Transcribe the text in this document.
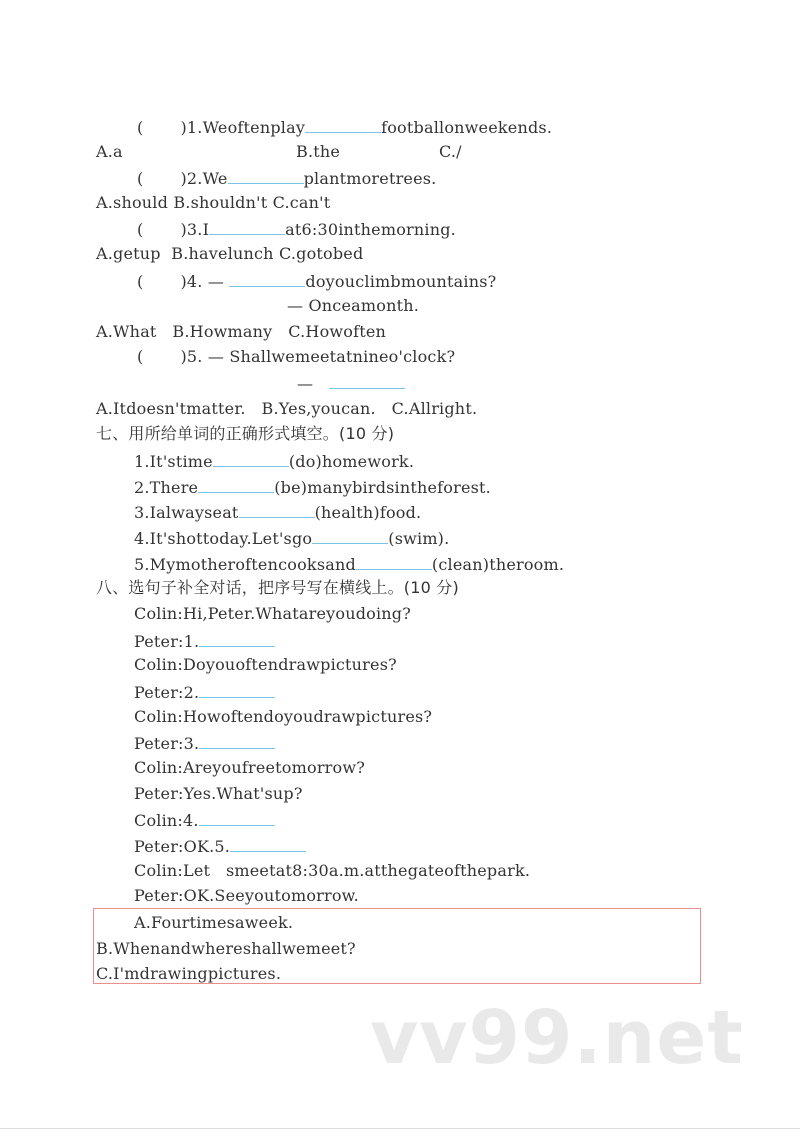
( )1.Weoftenplay	footballonweekends.
A.a	B.the	C./
( )2.We	plantmoretrees.
A.should B.shouldn't C.can't
( )3.I	at6:30inthemorning.
A.getup  B.havelunch C.gotobed
( )4. —	doyouclimbmountains?
— Onceamonth.
A.What   B.Howmany   C.Howoften
( )5. — Shallwemeetatnineo'clock?
—
A.Itdoesn'tmatter.   B.Yes,youcan.   C.Allright.
七、用所给单词的正确形式填空。(10 分)
1.It'stime	(do)homework.
2.There	(be)manybirdsintheforest.
3.Ialwayseat	(health)food.
4.It'shottoday.Let'sgo	(swim).
5.Mymotheroftencooksand	(clean)theroom.
八、选句子补全对话，把序号写在横线上。(10 分)
Colin:Hi,Peter.Whatareyoudoing?
Peter:1.
Colin:Doyouoftendrawpictures?
Peter:2.
Colin:Howoftendoyoudrawpictures?
Peter:3.
Colin:Areyoufreetomorrow?
Peter:Yes.What'sup?
Colin:4.
Peter:OK.5.
Colin:Let   smeetat8:30a.m.atthegateofthepark.
Peter:OK.Seeyoutomorrow.
A.Fourtimesaweek.
B.Whenandwhereshallwemeet?
C.I'mdrawingpictures.
vv99.net
